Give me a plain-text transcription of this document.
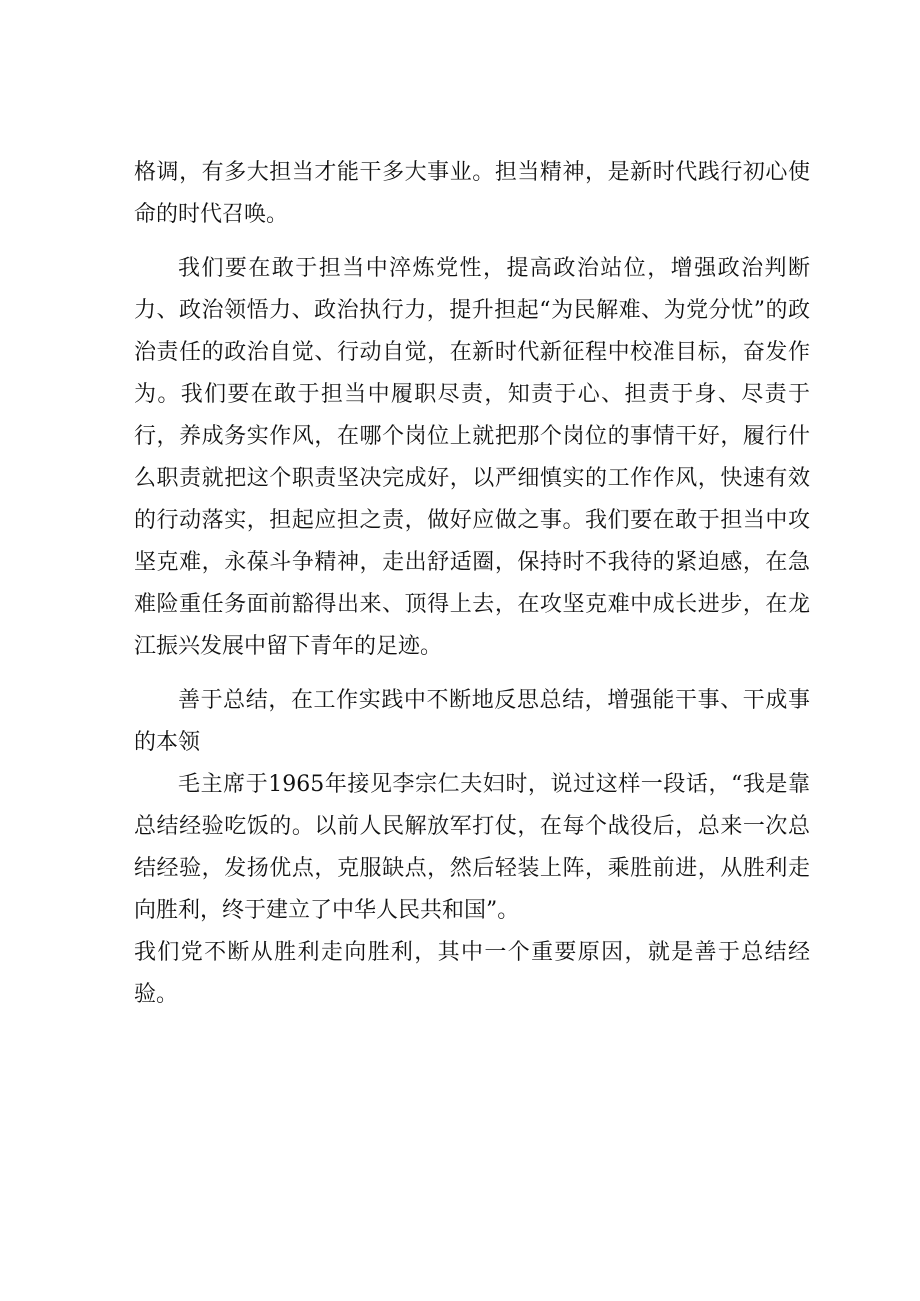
格调，有多大担当才能干多大事业。担当精神，是新时代践行初心使命的时代召唤。

我们要在敢于担当中淬炼党性，提高政治站位，增强政治判断力、政治领悟力、政治执行力，提升担起“为民解难、为党分忧”的政治责任的政治自觉、行动自觉，在新时代新征程中校准目标，奋发作为。我们要在敢于担当中履职尽责，知责于心、担责于身、尽责于行，养成务实作风，在哪个岗位上就把那个岗位的事情干好，履行什么职责就把这个职责坚决完成好，以严细慎实的工作作风，快速有效的行动落实，担起应担之责，做好应做之事。我们要在敢于担当中攻坚克难，永葆斗争精神，走出舒适圈，保持时不我待的紧迫感，在急难险重任务面前豁得出来、顶得上去，在攻坚克难中成长进步，在龙江振兴发展中留下青年的足迹。

善于总结，在工作实践中不断地反思总结，增强能干事、干成事的本领

毛主席于1965年接见李宗仁夫妇时，说过这样一段话，“我是靠总结经验吃饭的。以前人民解放军打仗，在每个战役后，总来一次总结经验，发扬优点，克服缺点，然后轻装上阵，乘胜前进，从胜利走向胜利，终于建立了中华人民共和国”。

我们党不断从胜利走向胜利，其中一个重要原因，就是善于总结经验。
